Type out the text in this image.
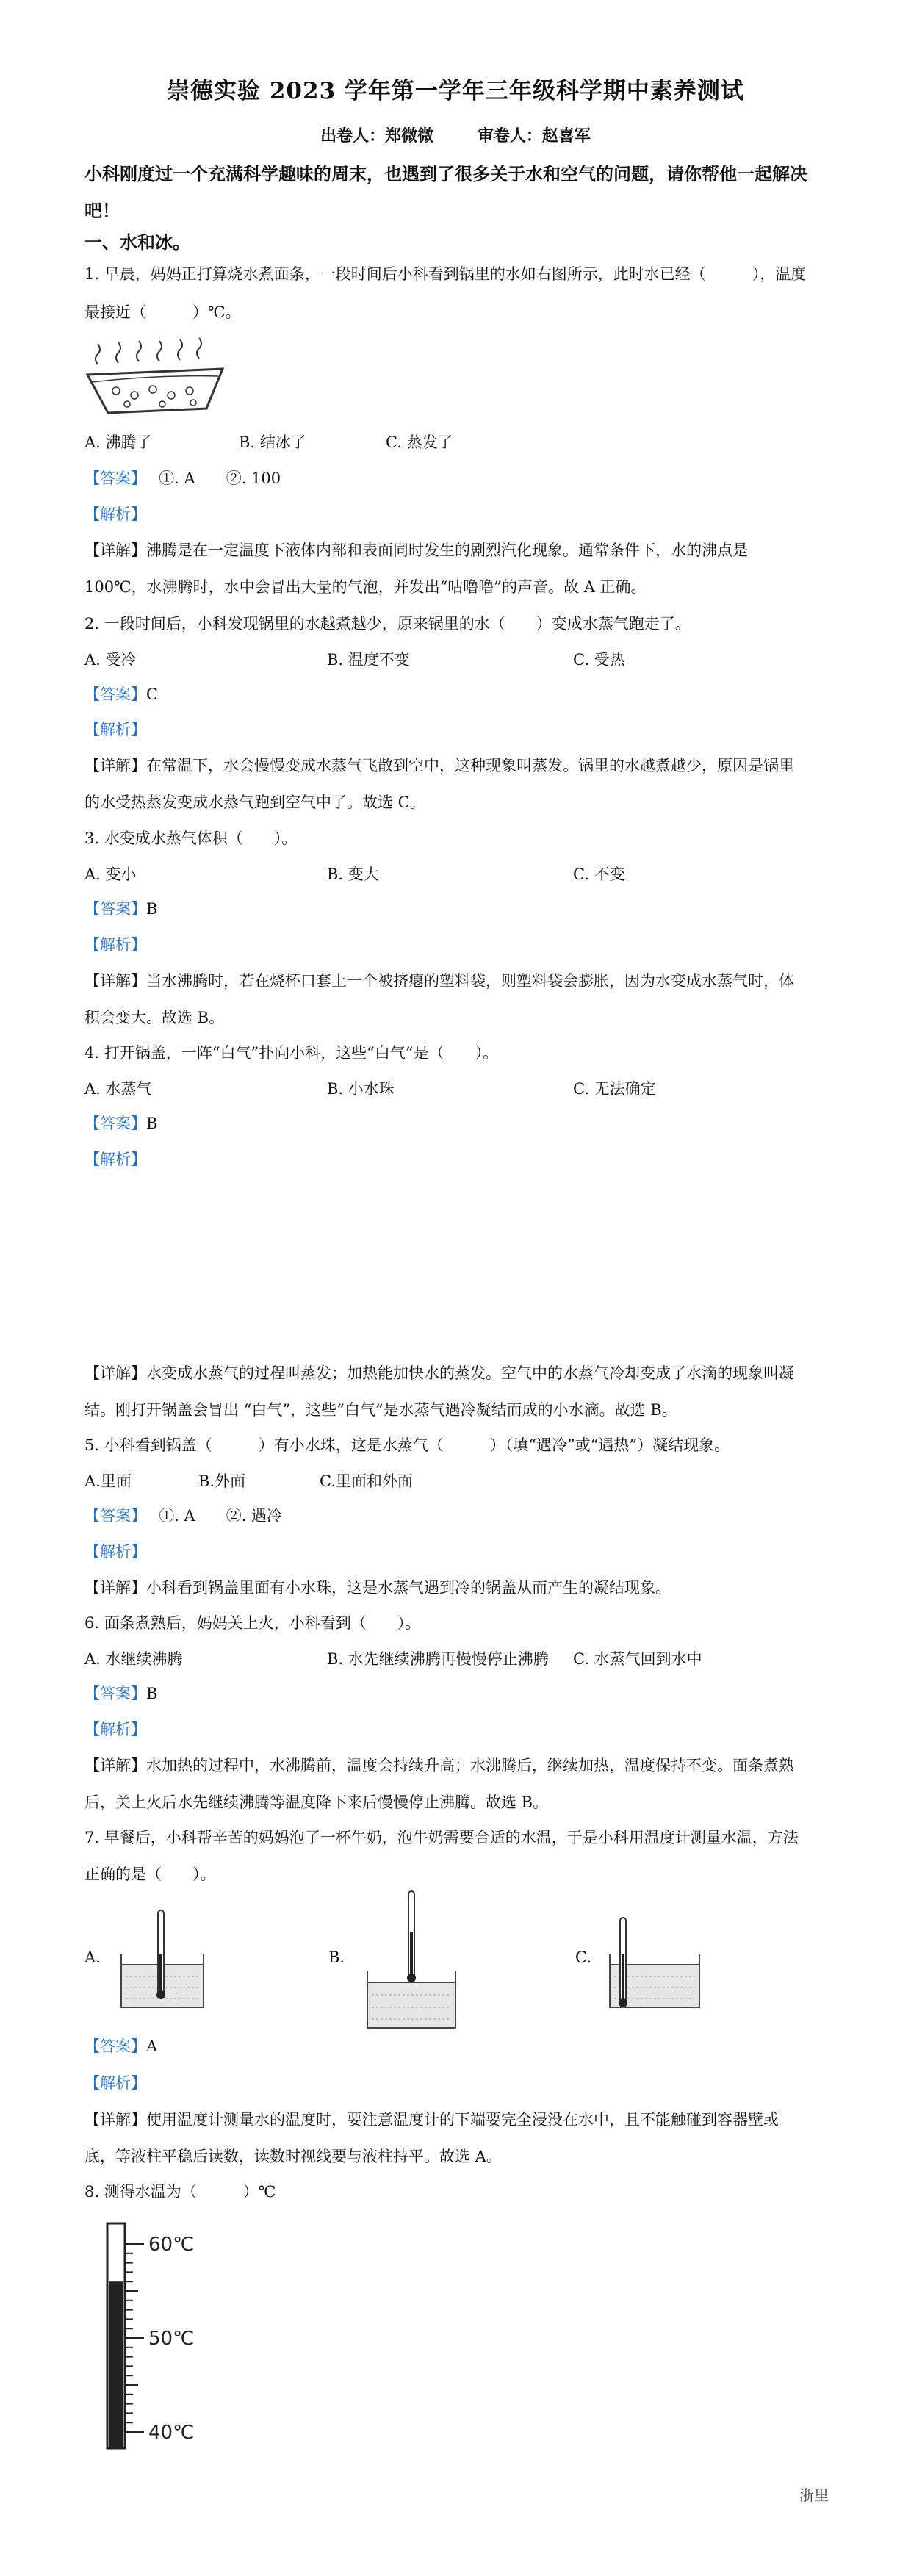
崇德实验 2023 学年第一学年三年级科学期中素养测试
出卷人：郑微微	审卷人：赵喜军
小科刚度过一个充满科学趣味的周末，也遇到了很多关于水和空气的问题，请你帮他一起解决吧！
一、水和冰。
1. 早晨，妈妈正打算烧水煮面条，一段时间后小科看到锅里的水如右图所示，此时水已经（　　　），温度
最接近（　　　）℃。
A. 沸腾了	B. 结冰了	C. 蒸发了
【答案】　 ①. A　　②. 100
【解析】
【详解】沸腾是在一定温度下液体内部和表面同时发生的剧烈汽化现象。通常条件下，水的沸点是
100℃，水沸腾时，水中会冒出大量的气泡，并发出“咕噜噜”的声音。故 A 正确。
2. 一段时间后，小科发现锅里的水越煮越少，原来锅里的水（　　）变成水蒸气跑走了。
A. 受冷	B. 温度不变	C. 受热
【答案】C
【解析】
【详解】在常温下，水会慢慢变成水蒸气飞散到空中，这种现象叫蒸发。锅里的水越煮越少，原因是锅里
的水受热蒸发变成水蒸气跑到空气中了。故选 C。
3. 水变成水蒸气体积（　　）。
A. 变小	B. 变大	C. 不变
【答案】B
【解析】
【详解】当水沸腾时，若在烧杯口套上一个被挤瘪的塑料袋，则塑料袋会膨胀，因为水变成水蒸气时，体
积会变大。故选 B。
4. 打开锅盖，一阵“白气”扑向小科，这些“白气”是（　　）。
A. 水蒸气	B. 小水珠	C. 无法确定
【答案】B
【解析】
【详解】水变成水蒸气的过程叫蒸发；加热能加快水的蒸发。空气中的水蒸气冷却变成了水滴的现象叫凝
结。刚打开锅盖会冒出 “白气”，这些“白气”是水蒸气遇冷凝结而成的小水滴。故选 B。
5. 小科看到锅盖（　　　）有小水珠，这是水蒸气（　　　）（填“遇冷”或“遇热”）凝结现象。
A.里面	B.外面	C.里面和外面
【答案】　 ①. A　　②. 遇冷
【解析】
【详解】小科看到锅盖里面有小水珠，这是水蒸气遇到冷的锅盖从而产生的凝结现象。
6. 面条煮熟后，妈妈关上火，小科看到（　　）。
A. 水继续沸腾	B. 水先继续沸腾再慢慢停止沸腾 C. 水蒸气回到水中
【答案】B
【解析】
【详解】水加热的过程中，水沸腾前，温度会持续升高；水沸腾后，继续加热，温度保持不变。面条煮熟
后，关上火后水先继续沸腾等温度降下来后慢慢停止沸腾。故选 B。
7. 早餐后，小科帮辛苦的妈妈泡了一杯牛奶，泡牛奶需要合适的水温，于是小科用温度计测量水温，方法
正确的是（　　）。
A.	B.	C.
【答案】A
【解析】
【详解】使用温度计测量水的温度时，要注意温度计的下端要完全浸没在水中，且不能触碰到容器壁或
底，等液柱平稳后读数，读数时视线要与液柱持平。故选 A。
8. 测得水温为（　　　）℃
60℃
50℃
40℃
浙里
